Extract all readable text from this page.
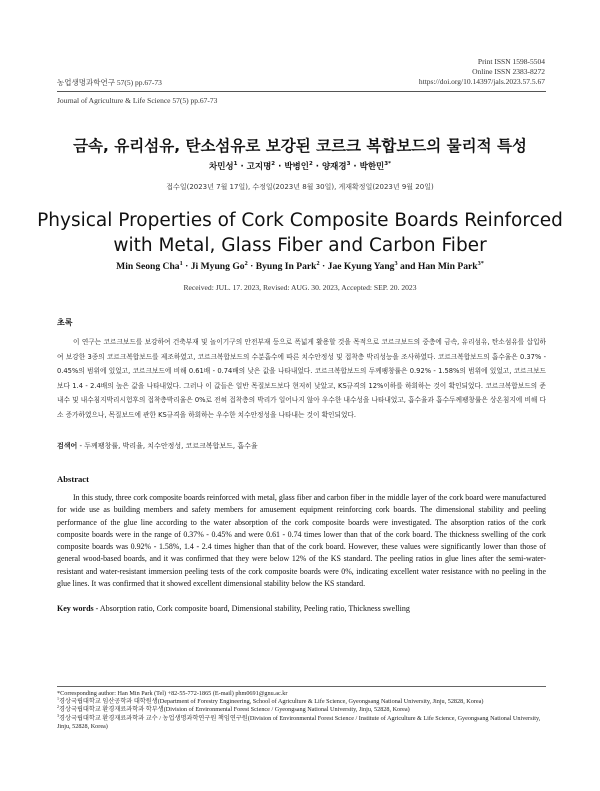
Print ISSN 1598-5504
Online ISSN 2383-8272
https://doi.org/10.14397/jals.2023.57.5.67
농업생명과학연구 57(5) pp.67-73
Journal of Agriculture & Life Science 57(5) pp.67-73
금속, 유리섬유, 탄소섬유로 보강된 코르크 복합보드의 물리적 특성
차민성$^1$ · 고지명$^2$ · 박병인$^2$ · 양재경$^3$ · 박한민$^{3*}$
접수일(2023년 7월 17일), 수정일(2023년 8월 30일), 게재확정일(2023년 9월 20일)
Physical Properties of Cork Composite Boards Reinforced
with Metal, Glass Fiber and Carbon Fiber
Min Seong Cha$^1$ · Ji Myung $Go^2$ · Byung In Park$^2$ · Jae Kyung Yang$^3$ and Han Min Park$^{3*}$
Received: JUL. 17. 2023, Revised: AUG. 30. 2023, Accepted: SEP. 20. 2023
초록
이 연구는 코르크보드를 보강하여 건축부재 및 놀이기구의 안전부재 등으로 폭넓게 활용할 것을 목적으로 코르크보드의 중층에 금속, 유리섬유, 탄소섬유를 삽입하여 보강한 3종의 코르크복합보드를 제조하였고, 코르크복합보드의 수분흡수에 따른 치수안정성 및 접착층 박리성능을 조사하였다. 코르크복합보드의 흡수율은 0.37% - 0.45%의 범위에 있었고, 코르크보드에 비해 0.61배 - 0.74배의 낮은 값을 나타내었다. 코르크복합보드의 두께팽창률은 0.92% - 1.58%의 범위에 있었고, 코르크보드 보다 1.4 - 2.4배의 높은 값을 나타내었다. 그러나 이 값들은 일반 목질보드보다 현저히 낮았고, KS규격의 12%이하를 하회하는 것이 확인되었다. 코르크복합보드의 준내수 및 내수침지박리시험후의 접착층박리율은 0%로 전혀 접착층의 박리가 일어나지 않아 우수한 내수성을 나타내었고, 흡수율과 흡수두께팽창률은 상온침지에 비해 다소 증가하였으나, 목질보드에 관한 KS규격을 하회하는 우수한 치수안정성을 나타내는 것이 확인되었다.
검색어 - 두께팽창률, 박리율, 치수안정성, 코르크복합보드, 흡수율
Abstract
In this study, three cork composite boards reinforced with metal, glass fiber and carbon fiber in the middle layer of the cork board were manufactured for wide use as building members and safety members for amusement equipment reinforcing cork boards. The dimensional stability and peeling performance of the glue line according to the water absorption of the cork composite boards were investigated. The absorption ratios of the cork composite boards were in the range of 0.37% - 0.45% and were 0.61 - 0.74 times lower than that of the cork board. The thickness swelling of the cork composite boards was 0.92% - 1.58%, 1.4 - 2.4 times higher than that of the cork board. However, these values were significantly lower than those of general wood-based boards, and it was confirmed that they were below 12% of the KS standard. The peeling ratios in glue lines after the semi-water-resistant and water-resistant immersion peeling tests of the cork composite boards were 0%, indicating excellent water resistance with no peeling in the glue lines. It was confirmed that it showed excellent dimensional stability below the KS standard.
Key words - Absorption ratio, Cork composite board, Dimensional stability, Peeling ratio, Thickness swelling
*Corresponding author: Han Min Park (Tel) +82-55-772-1865 (E-mail) phm0691@gnu.ac.kr
$^1$경상국립대학교 임산공학과 대학원생(Department of Forestry Engineering, School of Agriculture & Life Science, Gyeongsang National University, Jinju, 52828, Korea)
$^2$경상국립대학교 환경재료과학과 학부생(Division of Environmental Forest Science / Gyeongsang National University, Jinju, 52828, Korea)
$^3$경상국립대학교 환경재료과학과 교수 / 농업생명과학연구원 책임연구원(Division of Environmental Forest Science / Institute of Agriculture & Life Science, Gyeongsang National University, Jinju, 52828, Korea)
